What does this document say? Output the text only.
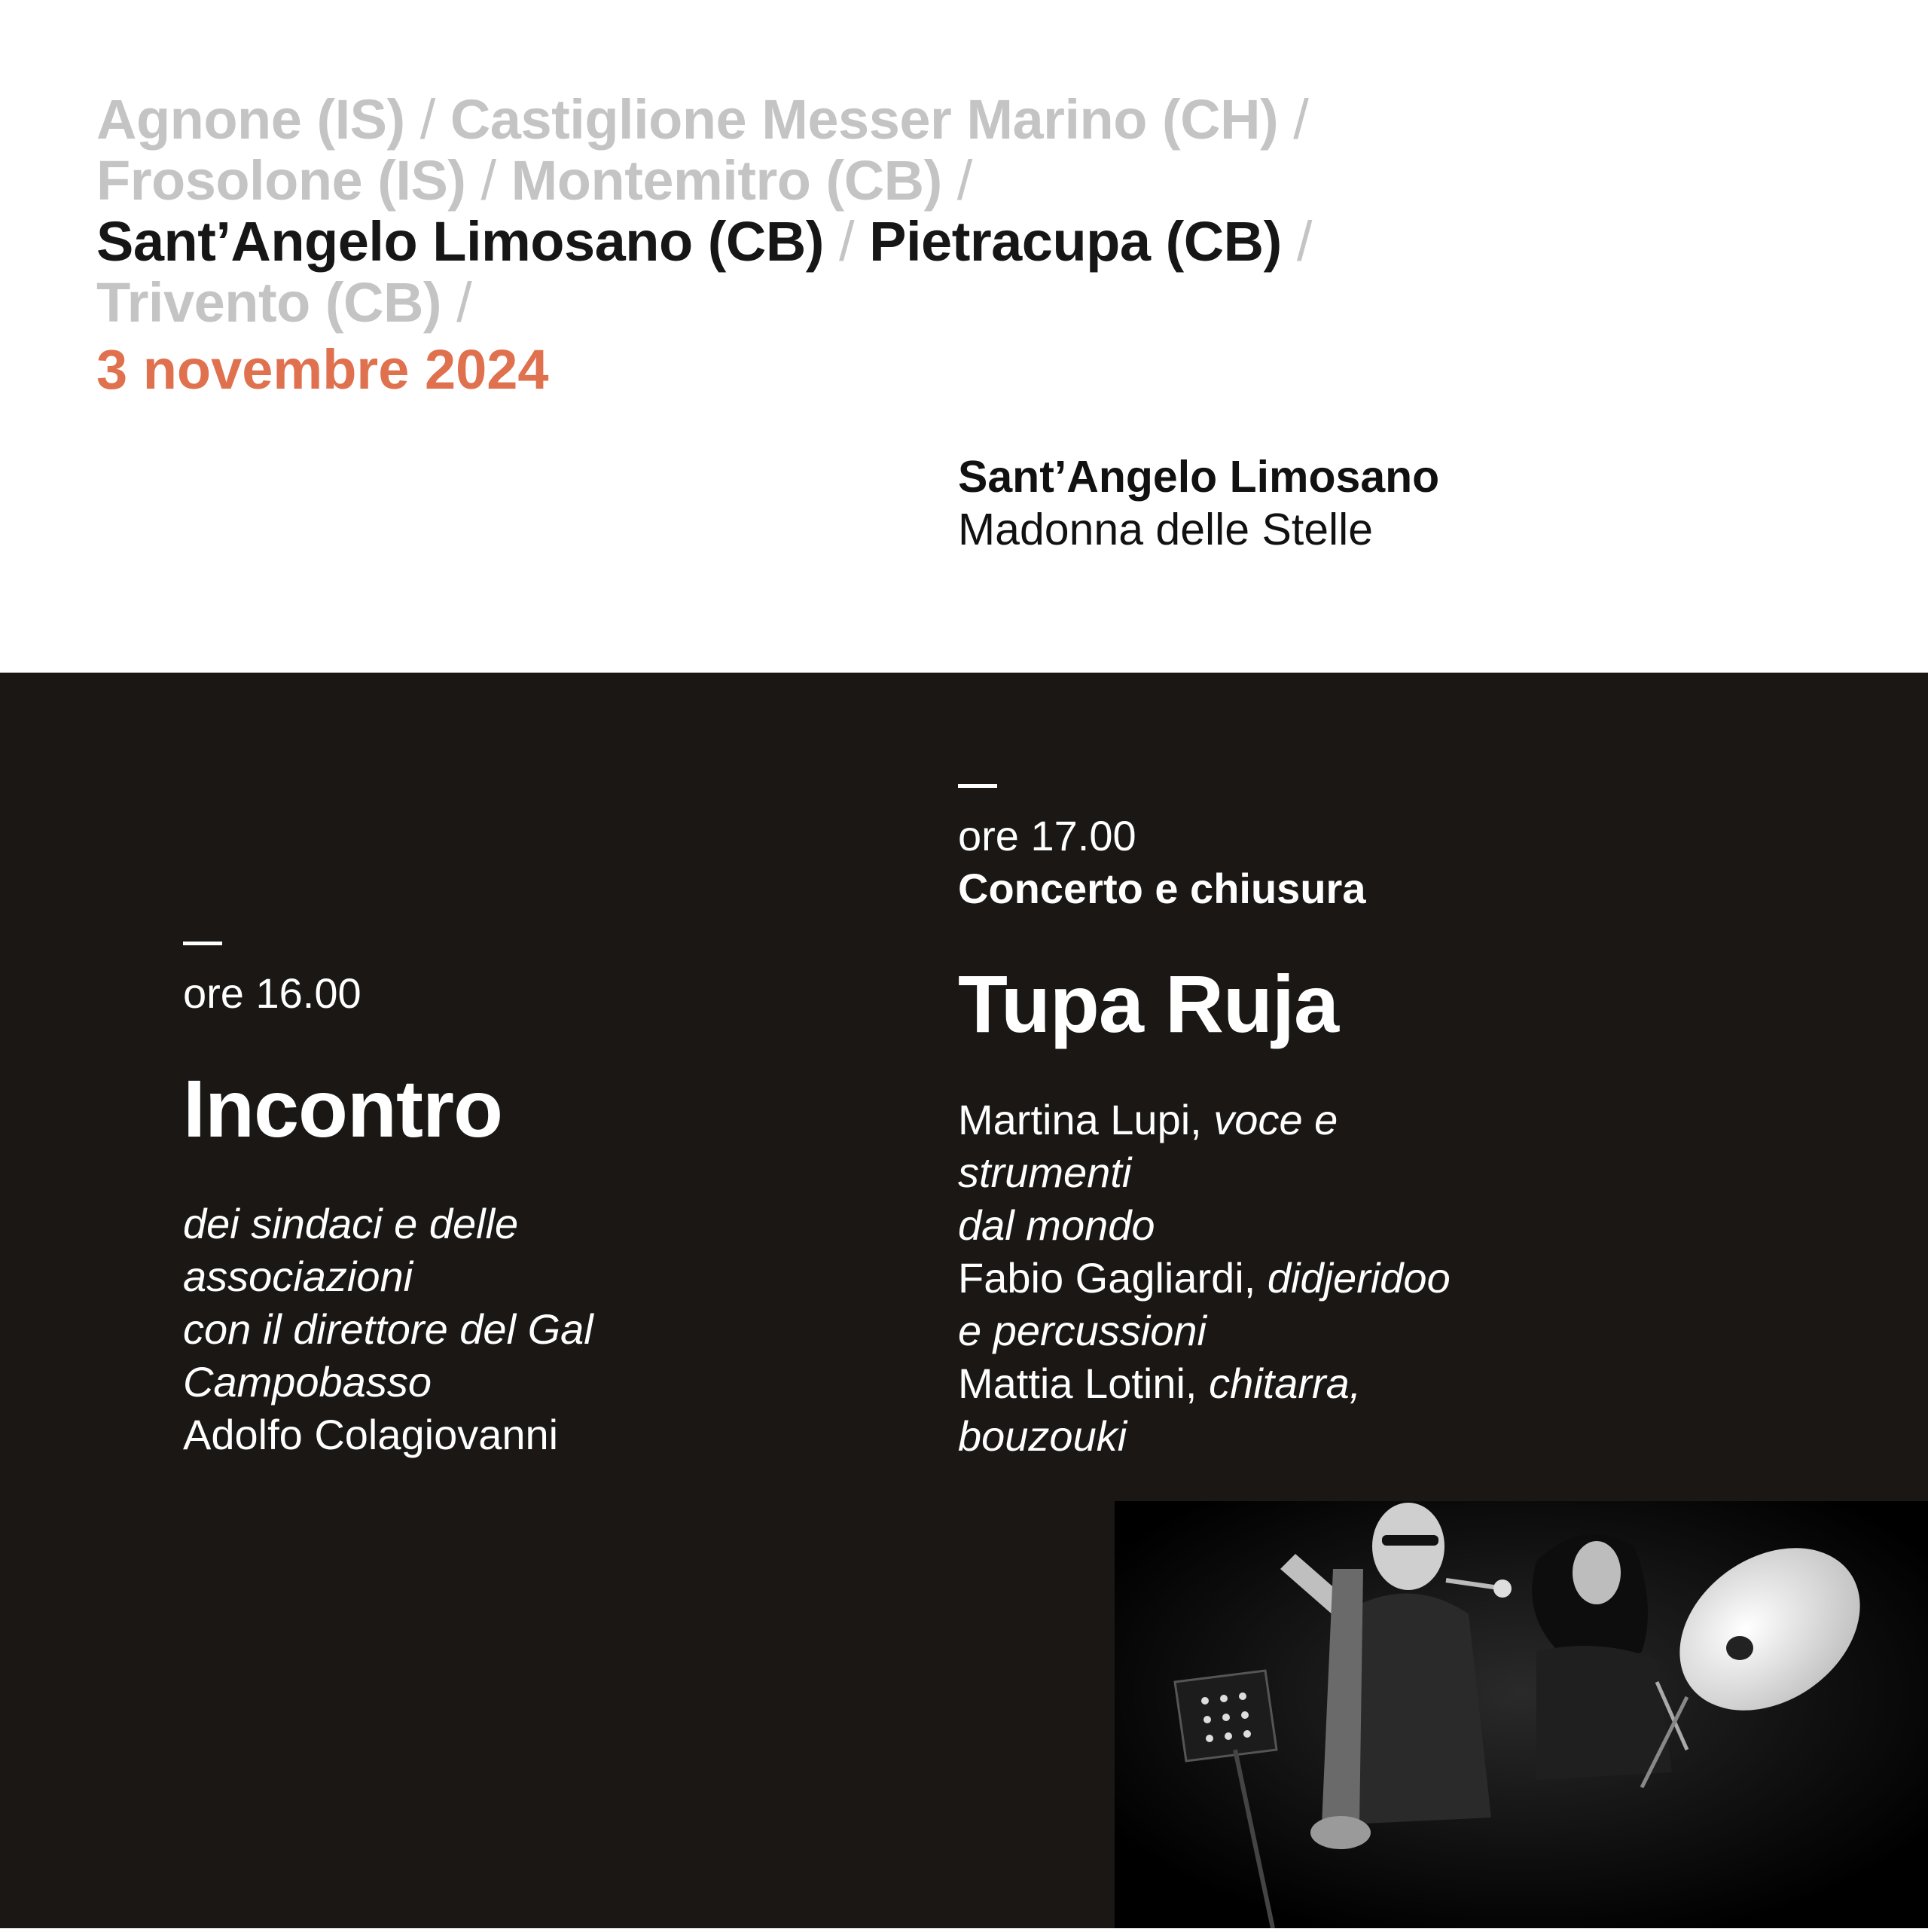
Agnone (IS) / Castiglione Messer Marino (CH) /
Frosolone (IS) / Montemitro (CB) /
Sant’Angelo Limosano (CB) / Pietracupa (CB) /
Trivento (CB) /
3 novembre 2024
Sant’Angelo Limosano
Madonna delle Stelle
ore 16.00
Incontro
dei sindaci e delle
associazioni
con il direttore del Gal
Campobasso
Adolfo Colagiovanni
ore 17.00
Concerto e chiusura
Tupa Ruja
Martina Lupi, voce e
strumenti
dal mondo
Fabio Gagliardi, didjeridoo
e percussioni
Mattia Lotini, chitarra,
bouzouki
